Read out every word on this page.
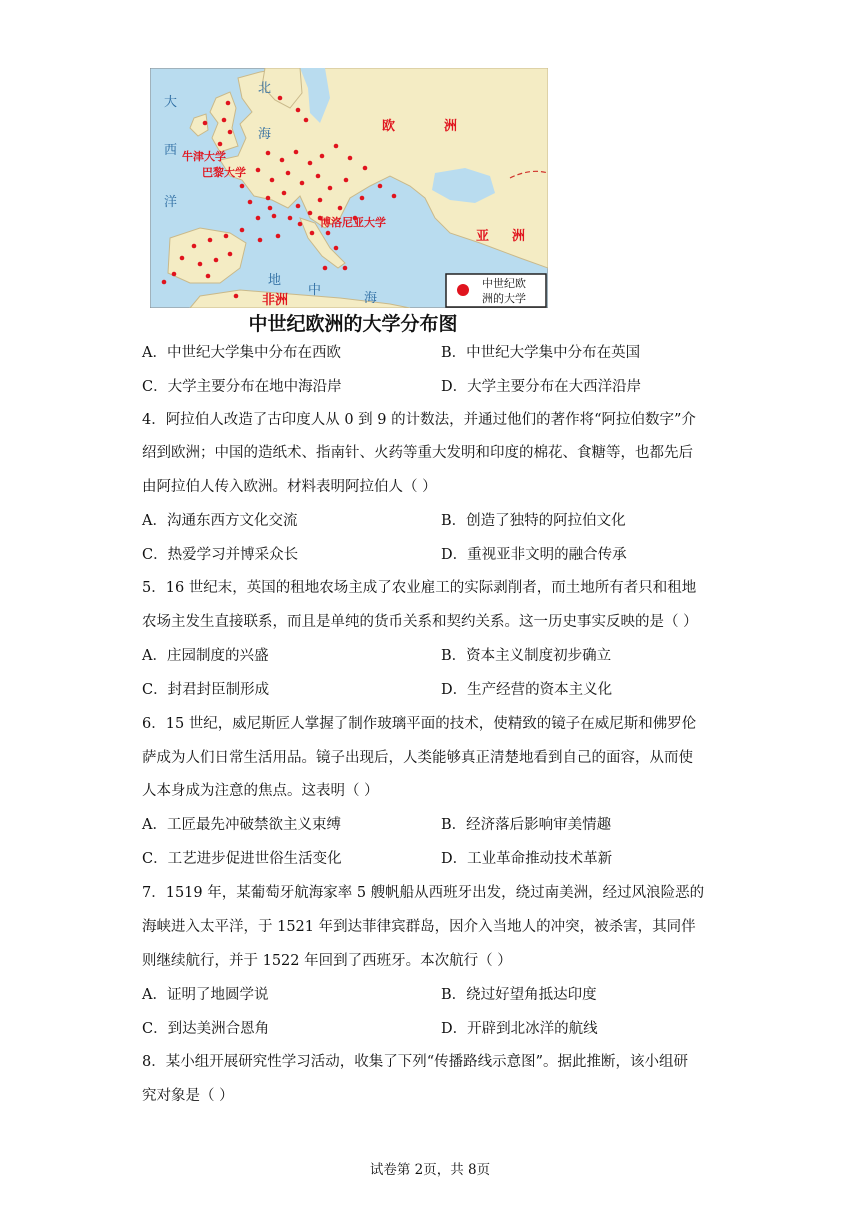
大
西
洋
北
海
地
中
海
欧	洲
亚 洲
非洲
牛津大学
巴黎大学
博洛尼亚大学
中世纪欧
洲的大学
中世纪欧洲的大学分布图
A．中世纪大学集中分布在西欧	B．中世纪大学集中分布在英国
C．大学主要分布在地中海沿岸	D．大学主要分布在大西洋沿岸
4．阿拉伯人改造了古印度人从 0 到 9 的计数法，并通过他们的著作将“阿拉伯数字”介
绍到欧洲；中国的造纸术、指南针、火药等重大发明和印度的棉花、食糖等，也都先后
由阿拉伯人传入欧洲。材料表明阿拉伯人（ ）
A．沟通东西方文化交流	B．创造了独特的阿拉伯文化
C．热爱学习并博采众长	D．重视亚非文明的融合传承
5．16 世纪末，英国的租地农场主成了农业雇工的实际剥削者，而土地所有者只和租地
农场主发生直接联系，而且是单纯的货币关系和契约关系。这一历史事实反映的是（ ）
A．庄园制度的兴盛	B．资本主义制度初步确立
C．封君封臣制形成	D．生产经营的资本主义化
6．15 世纪，威尼斯匠人掌握了制作玻璃平面的技术，使精致的镜子在威尼斯和佛罗伦
萨成为人们日常生活用品。镜子出现后，人类能够真正清楚地看到自己的面容，从而使
人本身成为注意的焦点。这表明（ ）
A．工匠最先冲破禁欲主义束缚	B．经济落后影响审美情趣
C．工艺进步促进世俗生活变化	D．工业革命推动技术革新
7．1519 年，某葡萄牙航海家率 5 艘帆船从西班牙出发，绕过南美洲，经过风浪险恶的
海峡进入太平洋，于 1521 年到达菲律宾群岛，因介入当地人的冲突，被杀害，其同伴
则继续航行，并于 1522 年回到了西班牙。本次航行（ ）
A．证明了地圆学说	B．绕过好望角抵达印度
C．到达美洲合恩角	D．开辟到北冰洋的航线
8．某小组开展研究性学习活动，收集了下列“传播路线示意图”。据此推断，该小组研
究对象是（ ）
试卷第 2页，共 8页
